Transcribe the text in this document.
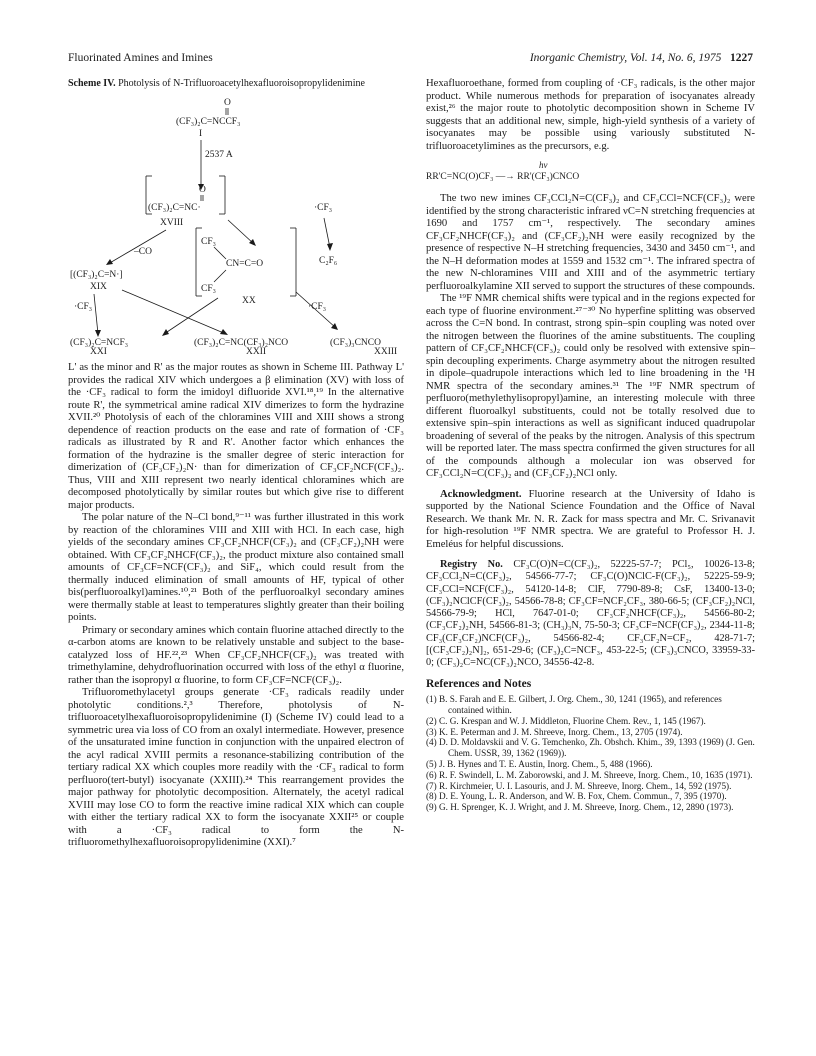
Fluorinated Amines and Imines	Inorganic Chemistry, Vol. 14, No. 6, 1975 1227
Scheme IV. Photolysis of N-Trifluoroacetylhexafluoroisopropylidenimine
O
(CF₃)₂C=NCCF₃
I
2537 A
O
(CF₃)₂C=NC·
XVIII
·CF₃
–CO
C₂F₆
CF₃
CN=C=O
CF₃
XX
[(CF₃)₂C=N·]
XIX
·CF₃	·CF₃
(CF₃)₂C=NCF₃
XXI
(CF₃)₂C=NC(CF₃)₂NCO
XXII
(CF₃)₃CNCO
XXIII

L' as the minor and R' as the major routes as shown in Scheme III. Pathway L' provides the radical XIV which undergoes a β elimination (XV) with loss of the ·CF₃ radical to form the imidoyl difluoride XVI.¹⁸,¹⁹ In the alternative route R', the symmetrical amine radical XIV dimerizes to form the hydrazine XVII.²⁰ Photolysis of each of the chloramines VIII and XIII shows a strong dependence of reaction products on the ease and rate of formation of ·CF₃ radicals as illustrated by R and R'. Another factor which enhances the formation of the hydrazine is the smaller degree of steric interaction for dimerization of (CF₃CF₂)₂N· than for dimerization of CF₃CF₂NCF(CF₃)₂. Thus, VIII and XIII represent two nearly identical chloramines which are decomposed photolytically by similar routes but which give rise to different major products.

The polar nature of the N–Cl bond,⁹⁻¹¹ was further illustrated in this work by reaction of the chloramines VIII and XIII with HCl. In each case, high yields of the secondary amines CF₃CF₂NHCF(CF₃)₂ and (CF₃CF₂)₂NH were obtained. With CF₃CF₂NHCF(CF₃)₂, the product mixture also contained small amounts of CF₃CF=NCF(CF₃)₂ and SiF₄, which could result from the thermally induced elimination of small amounts of HF, typical of other bis(perfluoroalkyl)amines.¹⁰,²¹ Both of the perfluoroalkyl secondary amines were thermally stable at least to temperatures slightly greater than their boiling points.

Primary or secondary amines which contain fluorine attached directly to the α-carbon atoms are known to be relatively unstable and subject to the base-catalyzed loss of HF.²²,²³ When CF₃CF₂NHCF(CF₃)₂ was treated with trimethylamine, dehydrofluorination occurred with loss of the ethyl α fluorine, rather than the isopropyl α fluorine, to form CF₃CF=NCF(CF₃)₂.

Trifluoromethylacetyl groups generate ·CF₃ radicals readily under photolytic conditions.²,³ Therefore, photolysis of N-trifluoroacetylhexafluoroisopropylidenimine (I) (Scheme IV) could lead to a symmetric urea via loss of CO from an oxalyl intermediate. However, presence of the unsaturated imine function in conjunction with the unpaired electron of the acyl radical XVIII permits a resonance-stabilizing contribution of the tertiary radical XX which couples more readily with the ·CF₃ radical to form perfluoro(tert-butyl) isocyanate (XXIII).²⁴ This rearrangement provides the major pathway for photolytic decomposition. Alternately, the acetyl radical XVIII may lose CO to form the reactive imine radical XIX which can couple with either the tertiary radical XX to form the isocyanate XXII²⁵ or couple with a ·CF₃ radical to form the N-trifluoromethylhexafluoroisopropylidenimine (XXI).⁷

Hexafluoroethane, formed from coupling of ·CF₃ radicals, is the other major product. While numerous methods for preparation of isocyanates already exist,²⁶ the major route to photolytic decomposition shown in Scheme IV suggests that an additional new, simple, high-yield synthesis of a variety of isocyanates may be possible using variously substituted N-trifluoroacetylimines as the precursors, e.g.

hν
RR'C=NC(O)CF₃ —→ RR'(CF₃)CNCO

The two new imines CF₃CCl₂N=C(CF₃)₂ and CF₃CCl=NCF(CF₃)₂ were identified by the strong characteristic infrared νC=N stretching frequencies at 1690 and 1757 cm⁻¹, respectively. The secondary amines CF₃CF₂NHCF(CF₃)₂ and (CF₃CF₂)₂NH were easily recognized by the presence of respective N–H stretching frequencies, 3430 and 3450 cm⁻¹, and the N–H deformation modes at 1559 and 1532 cm⁻¹. The infrared spectra of the new N-chloramines VIII and XIII and of the asymmetric tertiary perfluoroalkylamine XII served to support the structures of these compounds.

The ¹⁹F NMR chemical shifts were typical and in the regions expected for each type of fluorine environment.²⁷⁻³⁰ No hyperfine splitting was observed across the C=N bond. In contrast, strong spin–spin coupling was noted over the nitrogen between the fluorines of the amine substituents. The coupling pattern of CF₃CF₂NHCF(CF₃)₂ could only be resolved with extensive spin–spin decoupling experiments. Charge asymmetry about the nitrogen resulted in dipole–quadrupole interactions which led to line broadening in the ¹H NMR spectra of the secondary amines.³¹ The ¹⁹F NMR spectrum of perfluoro(methylethylisopropyl)amine, an interesting molecule with three different fluoroalkyl substituents, could not be totally resolved due to extensive spin–spin interactions as well as significant induced quadrupolar broadening of several of the peaks by the nitrogen. Analysis of this spectrum will be reported later. The mass spectra confirmed the given structures for all of the compounds although a molecular ion was observed for CF₃CCl₂N=C(CF₃)₂ and (CF₃CF₂)₂NCl only.

Acknowledgment. Fluorine research at the University of Idaho is supported by the National Science Foundation and the Office of Naval Research. We thank Mr. N. R. Zack for mass spectra and Mr. C. Srivanavit for high-resolution ¹⁹F NMR spectra. We are grateful to Professor H. J. Emeléus for helpful discussions.

Registry No. CF₃C(O)N=C(CF₃)₂, 52225-57-7; PCl₅, 10026-13-8; CF₃CCl₂N=C(CF₃)₂, 54566-77-7; CF₃C(O)NClC-F(CF₃)₂, 52225-59-9; CF₃CCl=NCF(CF₃)₂, 54120-14-8; ClF, 7790-89-8; CsF, 13400-13-0; (CF₃)₂NClCF(CF₃)₂, 54566-78-8; CF₃CF=NCF₂CF₃, 380-66-5; (CF₃CF₂)₂NCl, 54566-79-9; HCl, 7647-01-0; CF₃CF₂NHCF(CF₃)₂, 54566-80-2; (CF₃CF₂)₂NH, 54566-81-3; (CH₃)₃N, 75-50-3; CF₃CF=NCF(CF₃)₂, 2344-11-8; CF₃(CF₃CF₂)NCF(CF₃)₂, 54566-82-4; CF₃CF₂N=CF₂, 428-71-7; [(CF₃CF₂)₂N]₂, 651-29-6; (CF₃)₂C=NCF₃, 453-22-5; (CF₃)₃CNCO, 33959-33-0; (CF₃)₂C=NC(CF₃)₂NCO, 34556-42-8.

References and Notes

(1) B. S. Farah and E. E. Gilbert, J. Org. Chem., 30, 1241 (1965), and references contained within.

(2) C. G. Krespan and W. J. Middleton, Fluorine Chem. Rev., 1, 145 (1967).

(3) K. E. Peterman and J. M. Shreeve, Inorg. Chem., 13, 2705 (1974).

(4) D. D. Moldavskii and V. G. Temchenko, Zh. Obshch. Khim., 39, 1393 (1969) (J. Gen. Chem. USSR, 39, 1362 (1969)).

(5) J. B. Hynes and T. E. Austin, Inorg. Chem., 5, 488 (1966).

(6) R. F. Swindell, L. M. Zaborowski, and J. M. Shreeve, Inorg. Chem., 10, 1635 (1971).

(7) R. Kirchmeier, U. I. Lasouris, and J. M. Shreeve, Inorg. Chem., 14, 592 (1975).

(8) D. E. Young, L. R. Anderson, and W. B. Fox, Chem. Commun., 7, 395 (1970).

(9) G. H. Sprenger, K. J. Wright, and J. M. Shreeve, Inorg. Chem., 12, 2890 (1973).
